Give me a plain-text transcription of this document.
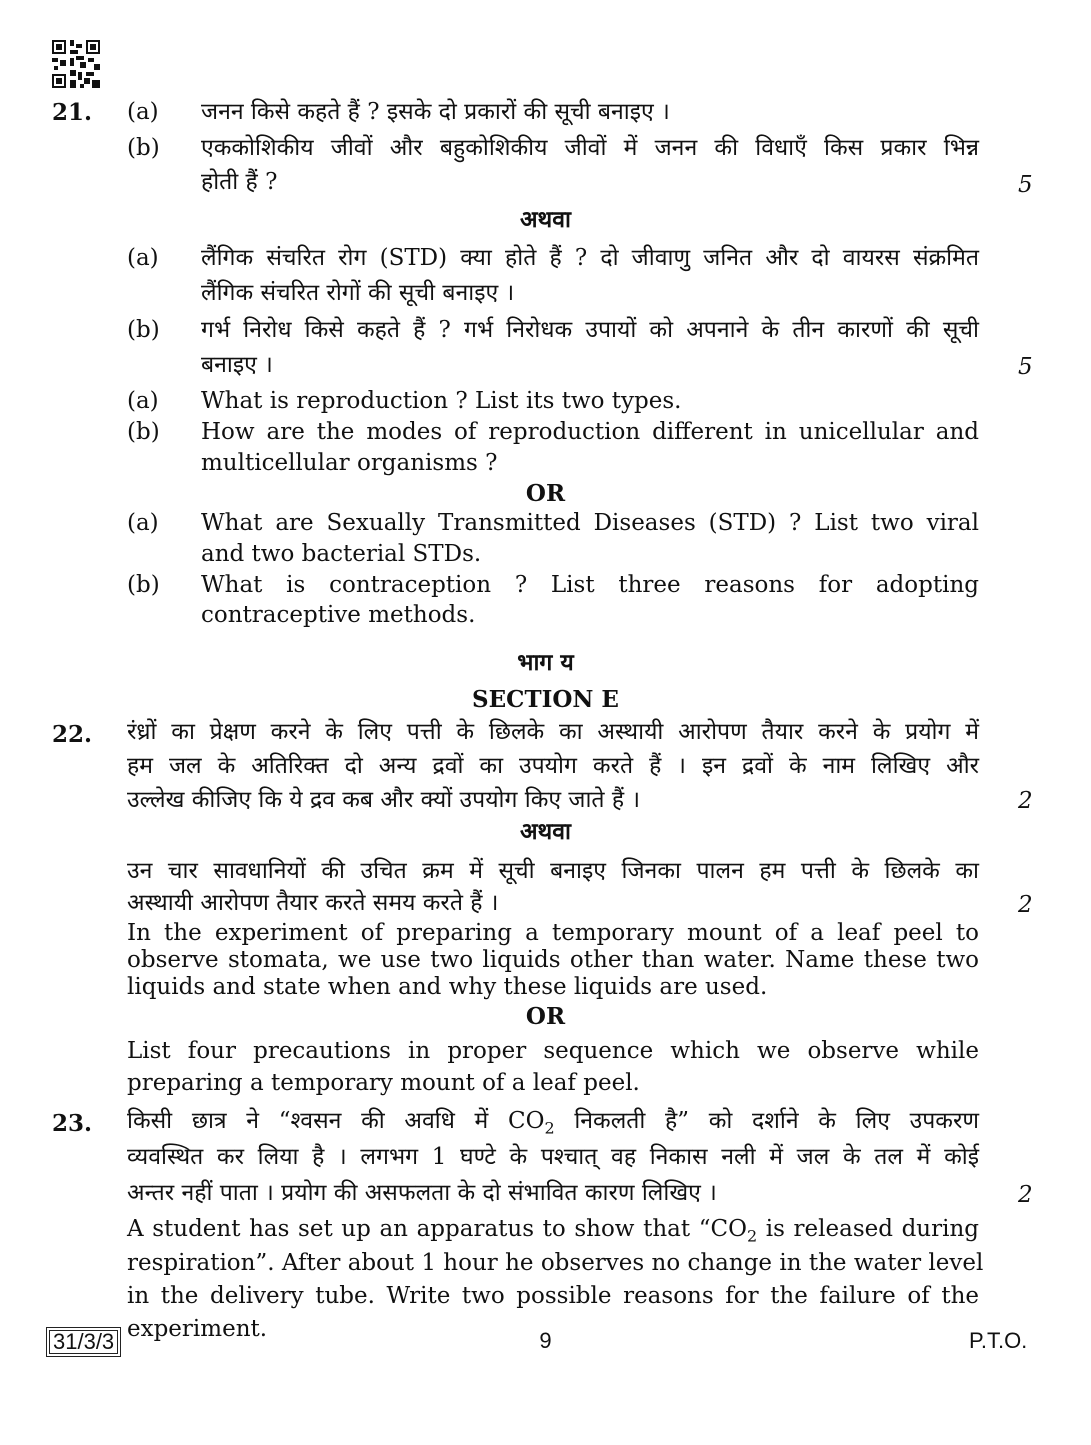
21. (a) जनन किसे कहते हैं ? इसके दो प्रकारों की सूची बनाइए ।
(b) एककोशिकीय जीवों और बहुकोशिकीय जीवों में जनन की विधाएँ किस प्रकार भिन्न
होती हैं ?	5
अथवा
(a) लैंगिक संचरित रोग (STD) क्या होते हैं ? दो जीवाणु जनित और दो वायरस संक्रमित
लैंगिक संचरित रोगों की सूची बनाइए ।
(b) गर्भ निरोध किसे कहते हैं ? गर्भ निरोधक उपायों को अपनाने के तीन कारणों की सूची
बनाइए ।	5
(a) What is reproduction ? List its two types.
(b) How are the modes of reproduction different in unicellular and
multicellular organisms ?
OR
(a) What are Sexually Transmitted Diseases (STD) ? List two viral
and two bacterial STDs.
(b) What is contraception ? List three reasons for adopting
contraceptive methods.
भाग य
SECTION E
22. रंध्रों का प्रेक्षण करने के लिए पत्ती के छिलके का अस्थायी आरोपण तैयार करने के प्रयोग में
हम जल के अतिरिक्त दो अन्य द्रवों का उपयोग करते हैं । इन द्रवों के नाम लिखिए और
उल्लेख कीजिए कि ये द्रव कब और क्यों उपयोग किए जाते हैं ।	2
अथवा
उन चार सावधानियों की उचित क्रम में सूची बनाइए जिनका पालन हम पत्ती के छिलके का
अस्थायी आरोपण तैयार करते समय करते हैं ।	2
In the experiment of preparing a temporary mount of a leaf peel to
observe stomata, we use two liquids other than water. Name these two
liquids and state when and why these liquids are used.
OR
List four precautions in proper sequence which we observe while
preparing a temporary mount of a leaf peel.
23. किसी छात्र ने “श्वसन की अवधि में $CO_2$ निकलती है” को दर्शाने के लिए उपकरण
व्यवस्थित कर लिया है । लगभग 1 घण्टे के पश्चात् वह निकास नली में जल के तल में कोई
अन्तर नहीं पाता । प्रयोग की असफलता के दो संभावित कारण लिखिए ।	2
A student has set up an apparatus to show that “$CO_2$ is released during
respiration”. After about 1 hour he observes no change in the water level
in the delivery tube. Write two possible reasons for the failure of the
experiment.
31/3/3	9	P.T.O.
